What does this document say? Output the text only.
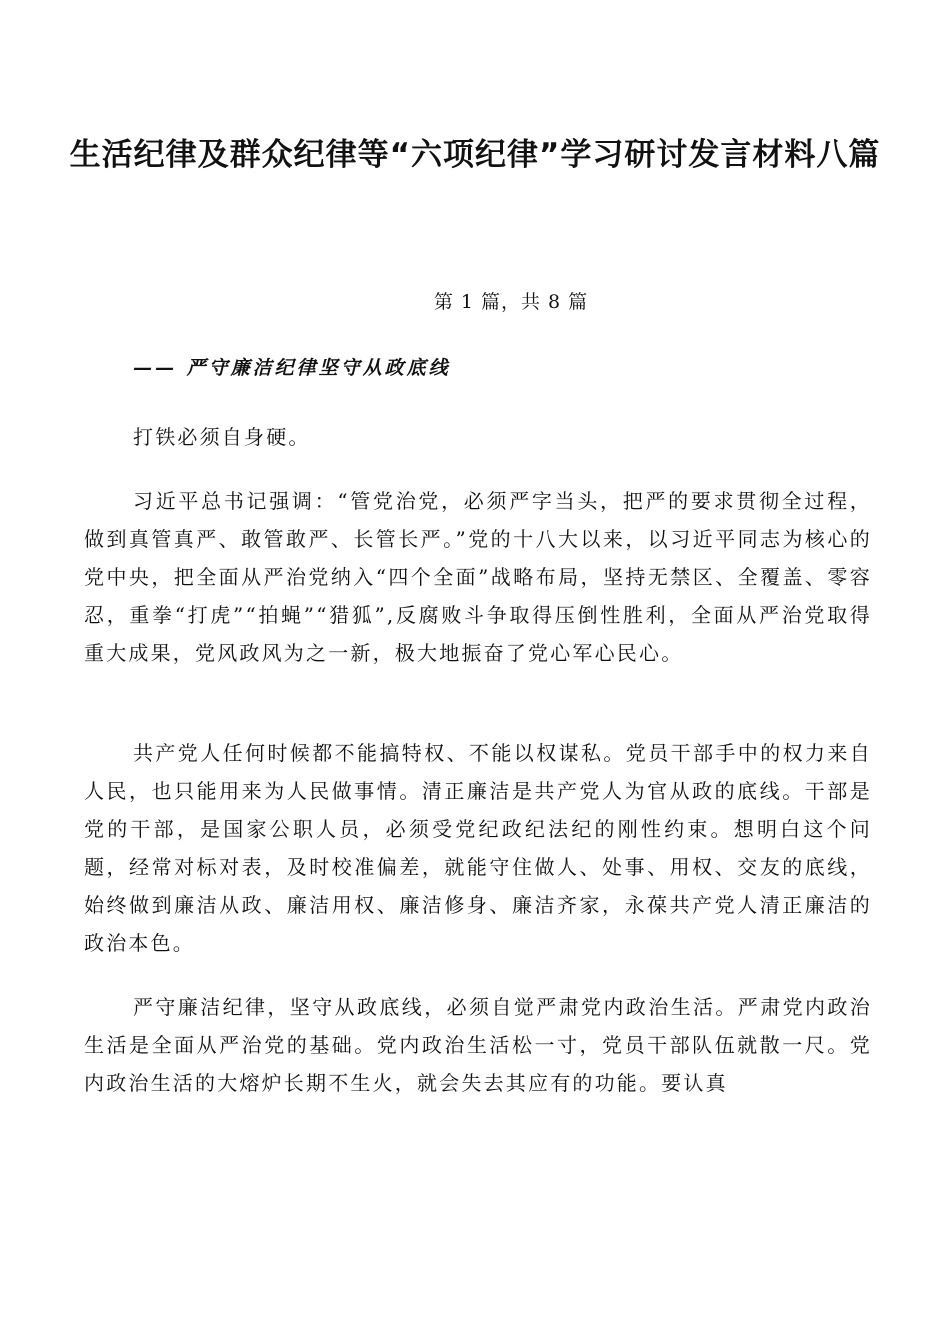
生活纪律及群众纪律等“六项纪律”学习研讨发言材料八篇
第 1 篇，共 8 篇
—— 严守廉洁纪律坚守从政底线

打铁必须自身硬。

习近平总书记强调：“管党治党，必须严字当头，把严的要求贯彻全过程，做到真管真严、敢管敢严、长管长严。”党的十八大以来，以习近平同志为核心的党中央，把全面从严治党纳入“四个全面”战略布局，坚持无禁区、全覆盖、零容忍，重拳“打虎”“拍蝇”“猎狐”,反腐败斗争取得压倒性胜利，全面从严治党取得重大成果，党风政风为之一新，极大地振奋了党心军心民心。

共产党人任何时候都不能搞特权、不能以权谋私。党员干部手中的权力来自人民，也只能用来为人民做事情。清正廉洁是共产党人为官从政的底线。干部是党的干部，是国家公职人员，必须受党纪政纪法纪的刚性约束。想明白这个问题，经常对标对表，及时校准偏差，就能守住做人、处事、用权、交友的底线，始终做到廉洁从政、廉洁用权、廉洁修身、廉洁齐家，永葆共产党人清正廉洁的政治本色。

严守廉洁纪律，坚守从政底线，必须自觉严肃党内政治生活。严肃党内政治生活是全面从严治党的基础。党内政治生活松一寸，党员干部队伍就散一尺。党内政治生活的大熔炉长期不生火，就会失去其应有的功能。要认真
